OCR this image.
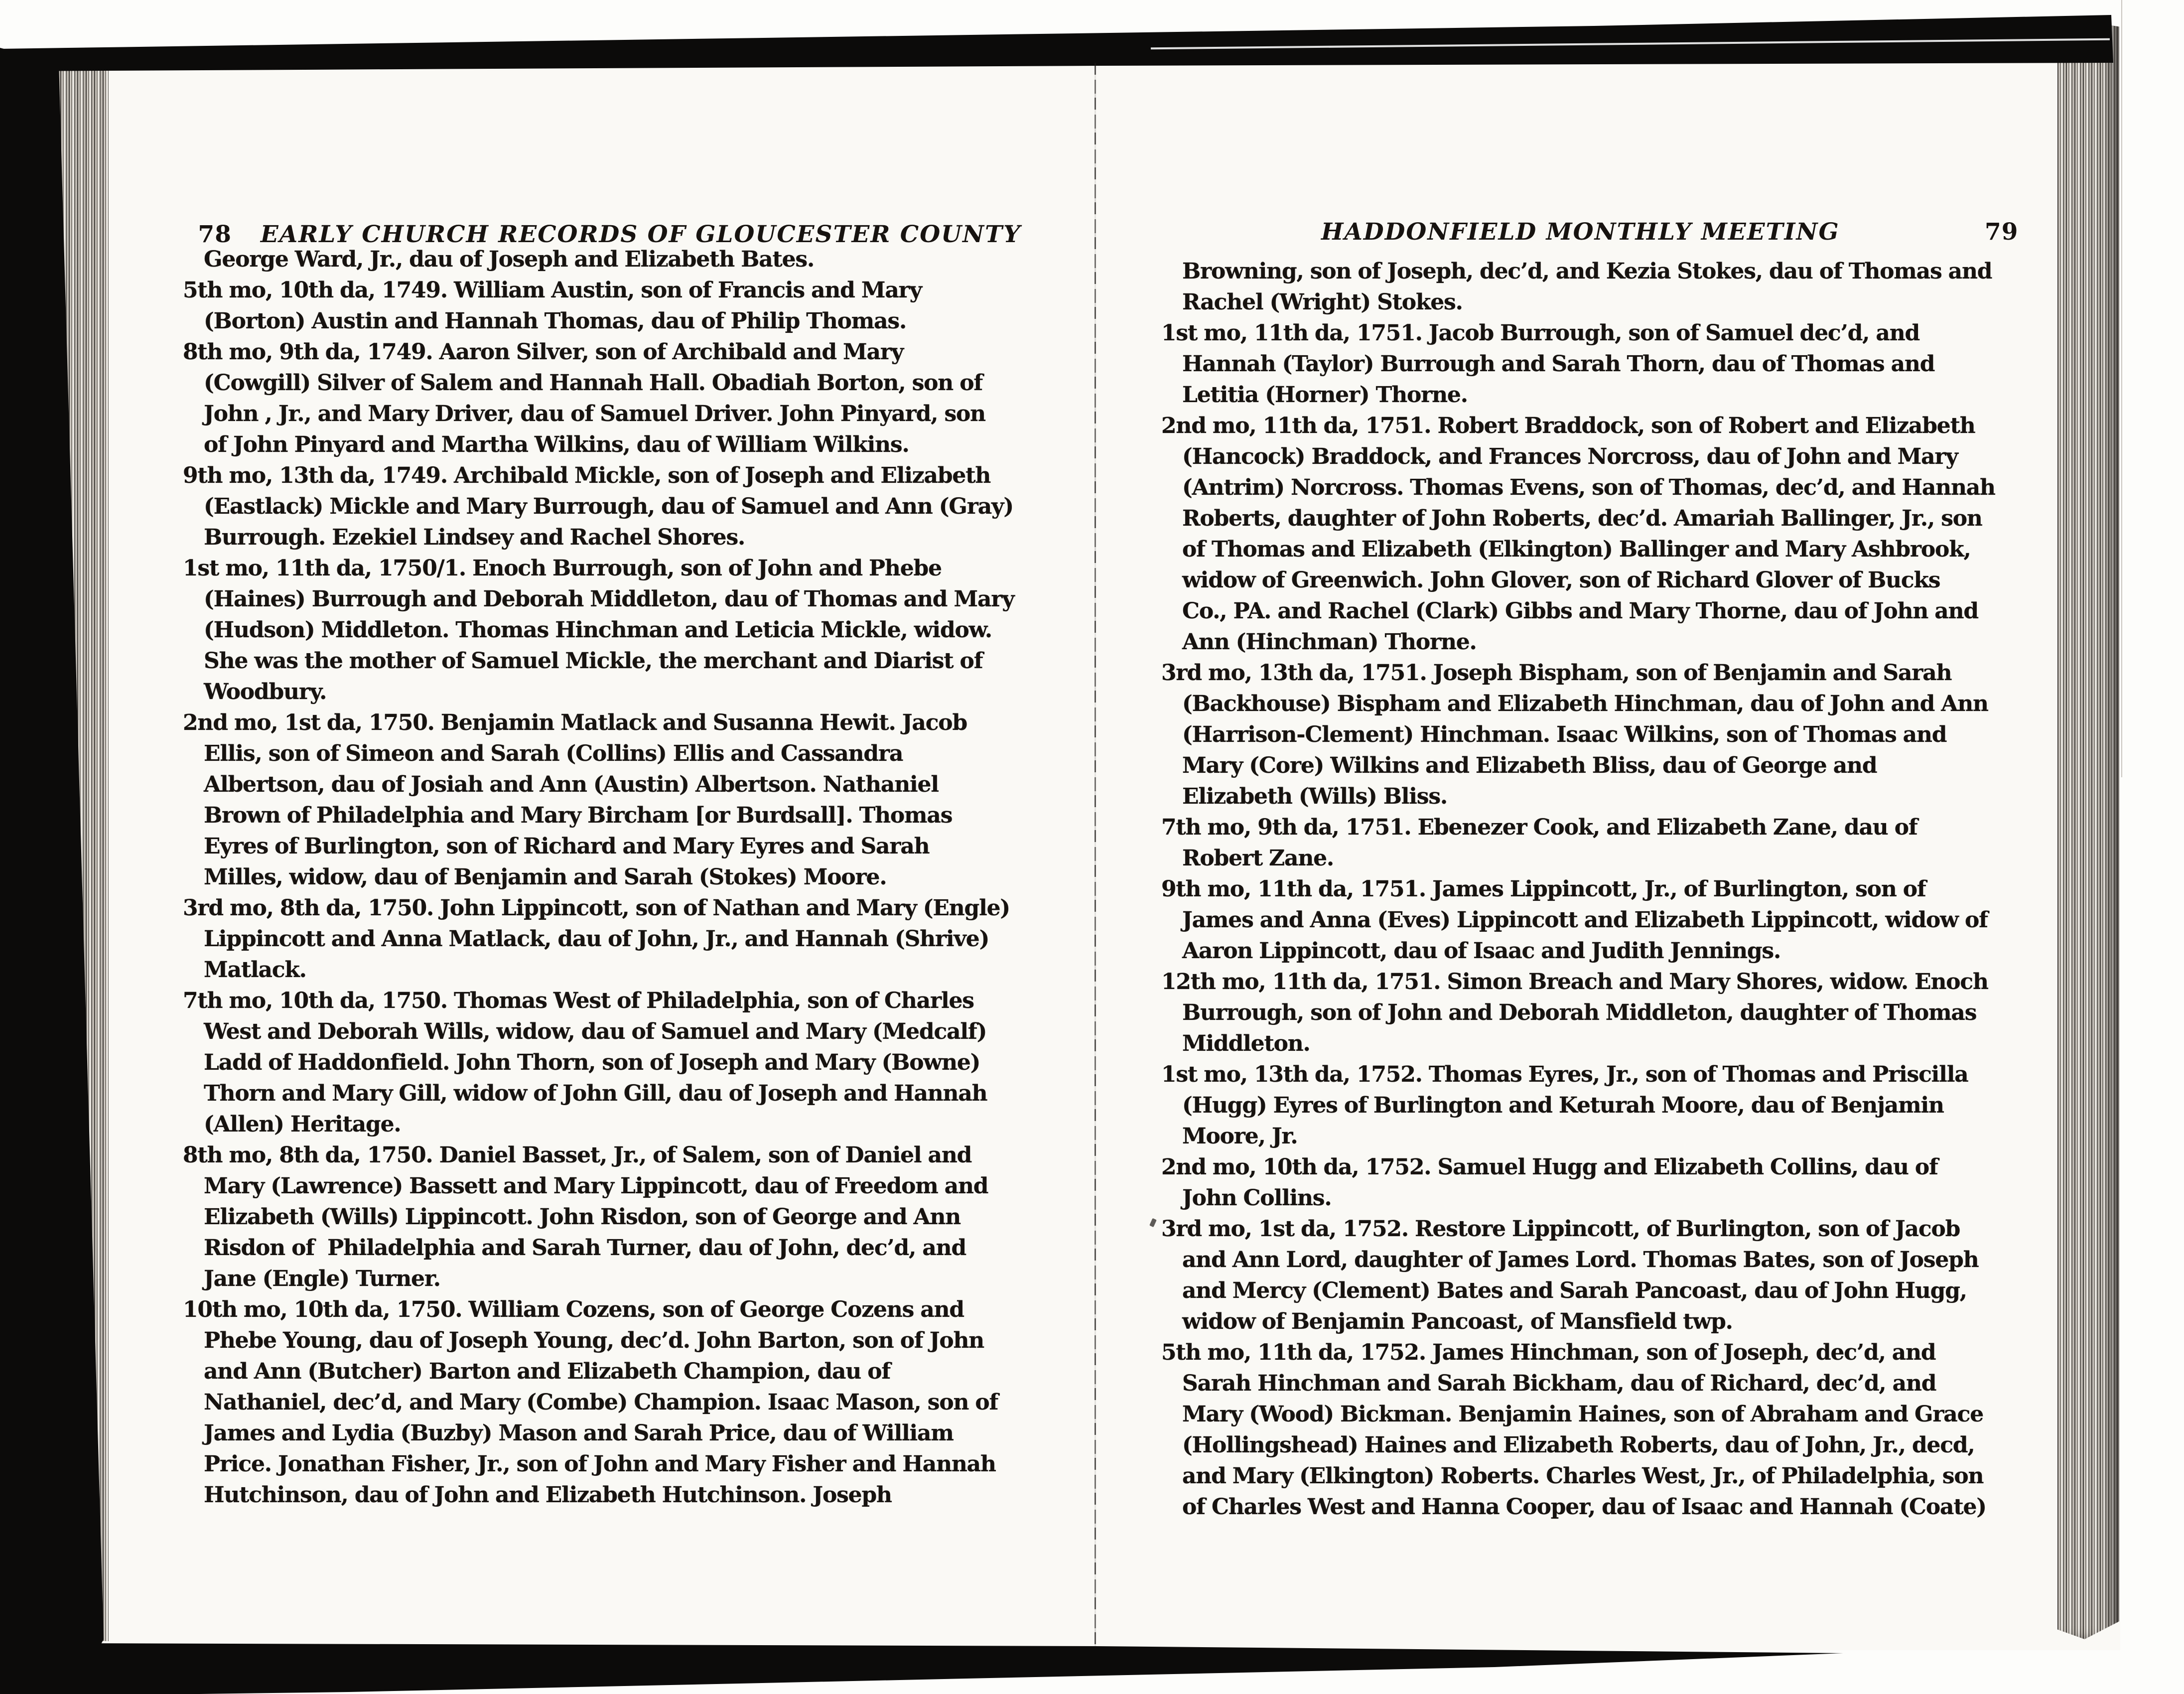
78 EARLY CHURCH RECORDS OF GLOUCESTER COUNTY

George Ward, Jr., dau of Joseph and Elizabeth Bates.
5th mo, 10th da, 1749. William Austin, son of Francis and Mary
(Borton) Austin and Hannah Thomas, dau of Philip Thomas.
8th mo, 9th da, 1749. Aaron Silver, son of Archibald and Mary
(Cowgill) Silver of Salem and Hannah Hall. Obadiah Borton, son of
John , Jr., and Mary Driver, dau of Samuel Driver. John Pinyard, son
of John Pinyard and Martha Wilkins, dau of William Wilkins.
9th mo, 13th da, 1749. Archibald Mickle, son of Joseph and Elizabeth
(Eastlack) Mickle and Mary Burrough, dau of Samuel and Ann (Gray)
Burrough. Ezekiel Lindsey and Rachel Shores.
1st mo, 11th da, 1750/1. Enoch Burrough, son of John and Phebe
(Haines) Burrough and Deborah Middleton, dau of Thomas and Mary
(Hudson) Middleton. Thomas Hinchman and Leticia Mickle, widow.
She was the mother of Samuel Mickle, the merchant and Diarist of
Woodbury.
2nd mo, 1st da, 1750. Benjamin Matlack and Susanna Hewit. Jacob
Ellis, son of Simeon and Sarah (Collins) Ellis and Cassandra
Albertson, dau of Josiah and Ann (Austin) Albertson. Nathaniel
Brown of Philadelphia and Mary Bircham [or Burdsall]. Thomas
Eyres of Burlington, son of Richard and Mary Eyres and Sarah
Milles, widow, dau of Benjamin and Sarah (Stokes) Moore.
3rd mo, 8th da, 1750. John Lippincott, son of Nathan and Mary (Engle)
Lippincott and Anna Matlack, dau of John, Jr., and Hannah (Shrive)
Matlack.
7th mo, 10th da, 1750. Thomas West of Philadelphia, son of Charles
West and Deborah Wills, widow, dau of Samuel and Mary (Medcalf)
Ladd of Haddonfield. John Thorn, son of Joseph and Mary (Bowne)
Thorn and Mary Gill, widow of John Gill, dau of Joseph and Hannah
(Allen) Heritage.
8th mo, 8th da, 1750. Daniel Basset, Jr., of Salem, son of Daniel and
Mary (Lawrence) Bassett and Mary Lippincott, dau of Freedom and
Elizabeth (Wills) Lippincott. John Risdon, son of George and Ann
Risdon of  Philadelphia and Sarah Turner, dau of John, dec’d, and
Jane (Engle) Turner.
10th mo, 10th da, 1750. William Cozens, son of George Cozens and
Phebe Young, dau of Joseph Young, dec’d. John Barton, son of John
and Ann (Butcher) Barton and Elizabeth Champion, dau of
Nathaniel, dec’d, and Mary (Combe) Champion. Isaac Mason, son of
James and Lydia (Buzby) Mason and Sarah Price, dau of William
Price. Jonathan Fisher, Jr., son of John and Mary Fisher and Hannah
Hutchinson, dau of John and Elizabeth Hutchinson. Joseph
HADDONFIELD MONTHLY MEETING	79
Browning, son of Joseph, dec’d, and Kezia Stokes, dau of Thomas and
Rachel (Wright) Stokes.
1st mo, 11th da, 1751. Jacob Burrough, son of Samuel dec’d, and
Hannah (Taylor) Burrough and Sarah Thorn, dau of Thomas and
Letitia (Horner) Thorne.
2nd mo, 11th da, 1751. Robert Braddock, son of Robert and Elizabeth
(Hancock) Braddock, and Frances Norcross, dau of John and Mary
(Antrim) Norcross. Thomas Evens, son of Thomas, dec’d, and Hannah
Roberts, daughter of John Roberts, dec’d. Amariah Ballinger, Jr., son
of Thomas and Elizabeth (Elkington) Ballinger and Mary Ashbrook,
widow of Greenwich. John Glover, son of Richard Glover of Bucks
Co., PA. and Rachel (Clark) Gibbs and Mary Thorne, dau of John and
Ann (Hinchman) Thorne.
3rd mo, 13th da, 1751. Joseph Bispham, son of Benjamin and Sarah
(Backhouse) Bispham and Elizabeth Hinchman, dau of John and Ann
(Harrison-Clement) Hinchman. Isaac Wilkins, son of Thomas and
Mary (Core) Wilkins and Elizabeth Bliss, dau of George and
Elizabeth (Wills) Bliss.
7th mo, 9th da, 1751. Ebenezer Cook, and Elizabeth Zane, dau of
Robert Zane.
9th mo, 11th da, 1751. James Lippincott, Jr., of Burlington, son of
James and Anna (Eves) Lippincott and Elizabeth Lippincott, widow of
Aaron Lippincott, dau of Isaac and Judith Jennings.
12th mo, 11th da, 1751. Simon Breach and Mary Shores, widow. Enoch
Burrough, son of John and Deborah Middleton, daughter of Thomas
Middleton.
1st mo, 13th da, 1752. Thomas Eyres, Jr., son of Thomas and Priscilla
(Hugg) Eyres of Burlington and Keturah Moore, dau of Benjamin
Moore, Jr.
2nd mo, 10th da, 1752. Samuel Hugg and Elizabeth Collins, dau of
John Collins.
3rd mo, 1st da, 1752. Restore Lippincott, of Burlington, son of Jacob
and Ann Lord, daughter of James Lord. Thomas Bates, son of Joseph
and Mercy (Clement) Bates and Sarah Pancoast, dau of John Hugg,
widow of Benjamin Pancoast, of Mansfield twp.
5th mo, 11th da, 1752. James Hinchman, son of Joseph, dec’d, and
Sarah Hinchman and Sarah Bickham, dau of Richard, dec’d, and
Mary (Wood) Bickman. Benjamin Haines, son of Abraham and Grace
(Hollingshead) Haines and Elizabeth Roberts, dau of John, Jr., decd,
and Mary (Elkington) Roberts. Charles West, Jr., of Philadelphia, son
of Charles West and Hanna Cooper, dau of Isaac and Hannah (Coate)
